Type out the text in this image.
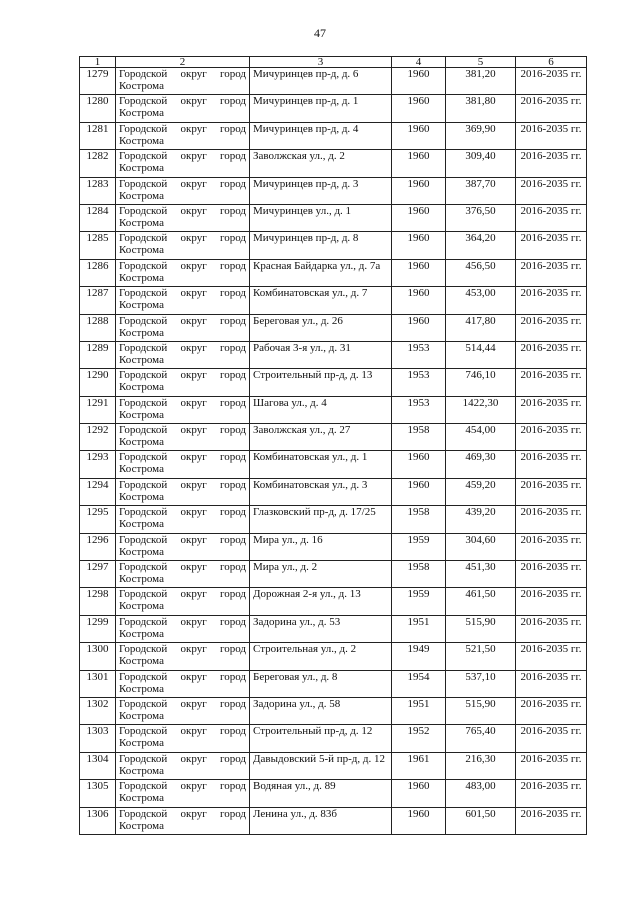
47
1	2	3	4	5	6
1279	Городской округ город Кострома	Мичуринцев пр-д, д. 6	1960	381,20	2016-2035 гг.
1280	Городской округ город Кострома	Мичуринцев пр-д, д. 1	1960	381,80	2016-2035 гг.
1281	Городской округ город Кострома	Мичуринцев пр-д, д. 4	1960	369,90	2016-2035 гг.
1282	Городской округ город Кострома	Заволжская ул., д. 2	1960	309,40	2016-2035 гг.
1283	Городской округ город Кострома	Мичуринцев пр-д, д. 3	1960	387,70	2016-2035 гг.
1284	Городской округ город Кострома	Мичуринцев ул., д. 1	1960	376,50	2016-2035 гг.
1285	Городской округ город Кострома	Мичуринцев пр-д, д. 8	1960	364,20	2016-2035 гг.
1286	Городской округ город Кострома	Красная Байдарка ул., д. 7а	1960	456,50	2016-2035 гг.
1287	Городской округ город Кострома	Комбинатовская ул., д. 7	1960	453,00	2016-2035 гг.
1288	Городской округ город Кострома	Береговая ул., д. 26	1960	417,80	2016-2035 гг.
1289	Городской округ город Кострома	Рабочая 3-я ул., д. 31	1953	514,44	2016-2035 гг.
1290	Городской округ город Кострома	Строительный пр-д, д. 13	1953	746,10	2016-2035 гг.
1291	Городской округ город Кострома	Шагова ул., д. 4	1953	1422,30	2016-2035 гг.
1292	Городской округ город Кострома	Заволжская ул., д. 27	1958	454,00	2016-2035 гг.
1293	Городской округ город Кострома	Комбинатовская ул., д. 1	1960	469,30	2016-2035 гг.
1294	Городской округ город Кострома	Комбинатовская ул., д. 3	1960	459,20	2016-2035 гг.
1295	Городской округ город Кострома	Глазковский пр-д, д. 17/25	1958	439,20	2016-2035 гг.
1296	Городской округ город Кострома	Мира ул., д. 16	1959	304,60	2016-2035 гг.
1297	Городской округ город Кострома	Мира ул., д. 2	1958	451,30	2016-2035 гг.
1298	Городской округ город Кострома	Дорожная 2-я ул., д. 13	1959	461,50	2016-2035 гг.
1299	Городской округ город Кострома	Задорина ул., д. 53	1951	515,90	2016-2035 гг.
1300	Городской округ город Кострома	Строительная ул., д. 2	1949	521,50	2016-2035 гг.
1301	Городской округ город Кострома	Береговая ул., д. 8	1954	537,10	2016-2035 гг.
1302	Городской округ город Кострома	Задорина ул., д. 58	1951	515,90	2016-2035 гг.
1303	Городской округ город Кострома	Строительный пр-д, д. 12	1952	765,40	2016-2035 гг.
1304	Городской округ город Кострома	Давыдовский 5-й пр-д, д. 12	1961	216,30	2016-2035 гг.
1305	Городской округ город Кострома	Водяная ул., д. 89	1960	483,00	2016-2035 гг.
1306	Городской округ город Кострома	Ленина ул., д. 83б	1960	601,50	2016-2035 гг.
